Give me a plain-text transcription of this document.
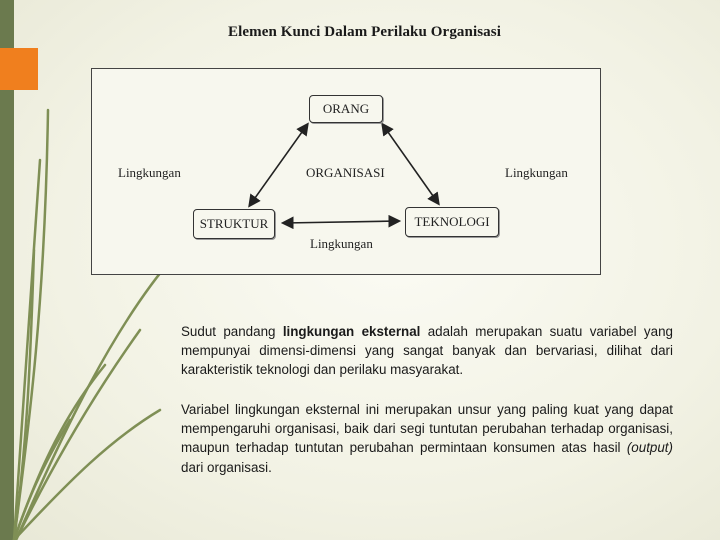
Elemen Kunci Dalam Perilaku Organisasi
ORANG
STRUKTUR	TEKNOLOGI
ORGANISASI
Lingkungan	Lingkungan
Lingkungan
Sudut pandang lingkungan eksternal adalah merupakan suatu variabel yang mempunyai dimensi-dimensi yang sangat banyak dan bervariasi, dilihat dari karakteristik teknologi dan perilaku masyarakat.
Variabel lingkungan eksternal ini merupakan unsur yang paling kuat yang dapat mempengaruhi organisasi, baik dari segi tuntutan perubahan terhadap organisasi, maupun terhadap tuntutan perubahan permintaan konsumen atas hasil (output) dari organisasi.
